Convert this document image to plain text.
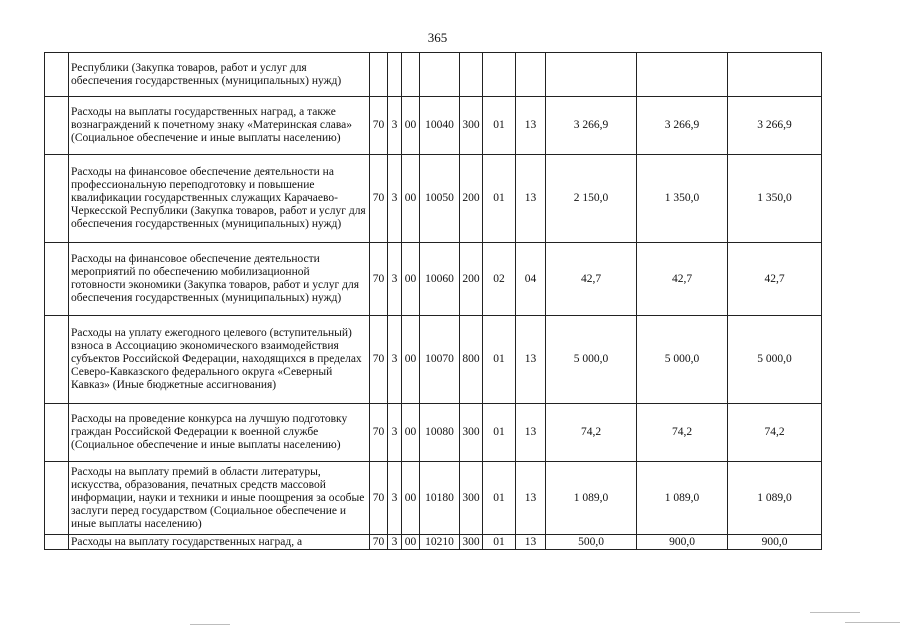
365
	Республики (Закупка товаров, работ и услуг для обеспечения государственных (муниципальных) нужд)										
	Расходы на выплаты государственных наград, а также вознаграждений к почетному знаку «Материнская слава» (Социальное обеспечение и иные выплаты населению)	70	3	00	10040	300	01	13	3 266,9	3 266,9	3 266,9
	Расходы на финансовое обеспечение деятельности на профессиональную переподготовку и повышение квалификации государственных служащих Карачаево-Черкесской Республики (Закупка товаров, работ и услуг для обеспечения государственных (муниципальных) нужд)	70	3	00	10050	200	01	13	2 150,0	1 350,0	1 350,0
	Расходы на финансовое обеспечение деятельности мероприятий по обеспечению мобилизационной готовности экономики (Закупка товаров, работ и услуг для обеспечения государственных (муниципальных) нужд)	70	3	00	10060	200	02	04	42,7	42,7	42,7
	Расходы на уплату ежегодного целевого (вступительный) взноса в Ассоциацию экономического взаимодействия субъектов Российской Федерации, находящихся в пределах Северо-Кавказского федерального округа «Северный Кавказ» (Иные бюджетные ассигнования)	70	3	00	10070	800	01	13	5 000,0	5 000,0	5 000,0
	Расходы на проведение конкурса на лучшую подготовку граждан Российской Федерации к военной службе (Социальное обеспечение и иные выплаты населению)	70	3	00	10080	300	01	13	74,2	74,2	74,2
	Расходы на выплату премий в области литературы, искусства, образования, печатных средств массовой информации, науки и техники и иные поощрения за особые заслуги перед государством (Социальное обеспечение и иные выплаты населению)	70	3	00	10180	300	01	13	1 089,0	1 089,0	1 089,0
	Расходы на выплату государственных наград, а	70	3	00	10210	300	01	13	500,0	900,0	900,0
